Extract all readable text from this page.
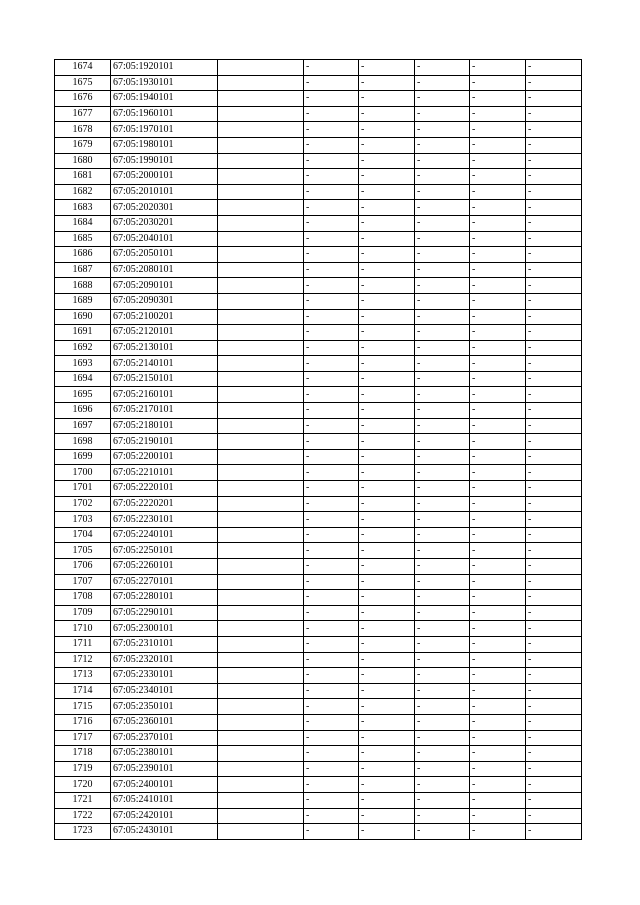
1674	67:05:1920101		-	-	-	-	-
1675	67:05:1930101		-	-	-	-	-
1676	67:05:1940101		-	-	-	-	-
1677	67:05:1960101		-	-	-	-	-
1678	67:05:1970101		-	-	-	-	-
1679	67:05:1980101		-	-	-	-	-
1680	67:05:1990101		-	-	-	-	-
1681	67:05:2000101		-	-	-	-	-
1682	67:05:2010101		-	-	-	-	-
1683	67:05:2020301		-	-	-	-	-
1684	67:05:2030201		-	-	-	-	-
1685	67:05:2040101		-	-	-	-	-
1686	67:05:2050101		-	-	-	-	-
1687	67:05:2080101		-	-	-	-	-
1688	67:05:2090101		-	-	-	-	-
1689	67:05:2090301		-	-	-	-	-
1690	67:05:2100201		-	-	-	-	-
1691	67:05:2120101		-	-	-	-	-
1692	67:05:2130101		-	-	-	-	-
1693	67:05:2140101		-	-	-	-	-
1694	67:05:2150101		-	-	-	-	-
1695	67:05:2160101		-	-	-	-	-
1696	67:05:2170101		-	-	-	-	-
1697	67:05:2180101		-	-	-	-	-
1698	67:05:2190101		-	-	-	-	-
1699	67:05:2200101		-	-	-	-	-
1700	67:05:2210101		-	-	-	-	-
1701	67:05:2220101		-	-	-	-	-
1702	67:05:2220201		-	-	-	-	-
1703	67:05:2230101		-	-	-	-	-
1704	67:05:2240101		-	-	-	-	-
1705	67:05:2250101		-	-	-	-	-
1706	67:05:2260101		-	-	-	-	-
1707	67:05:2270101		-	-	-	-	-
1708	67:05:2280101		-	-	-	-	-
1709	67:05:2290101		-	-	-	-	-
1710	67:05:2300101		-	-	-	-	-
1711	67:05:2310101		-	-	-	-	-
1712	67:05:2320101		-	-	-	-	-
1713	67:05:2330101		-	-	-	-	-
1714	67:05:2340101		-	-	-	-	-
1715	67:05:2350101		-	-	-	-	-
1716	67:05:2360101		-	-	-	-	-
1717	67:05:2370101		-	-	-	-	-
1718	67:05:2380101		-	-	-	-	-
1719	67:05:2390101		-	-	-	-	-
1720	67:05:2400101		-	-	-	-	-
1721	67:05:2410101		-	-	-	-	-
1722	67:05:2420101		-	-	-	-	-
1723	67:05:2430101		-	-	-	-	-
